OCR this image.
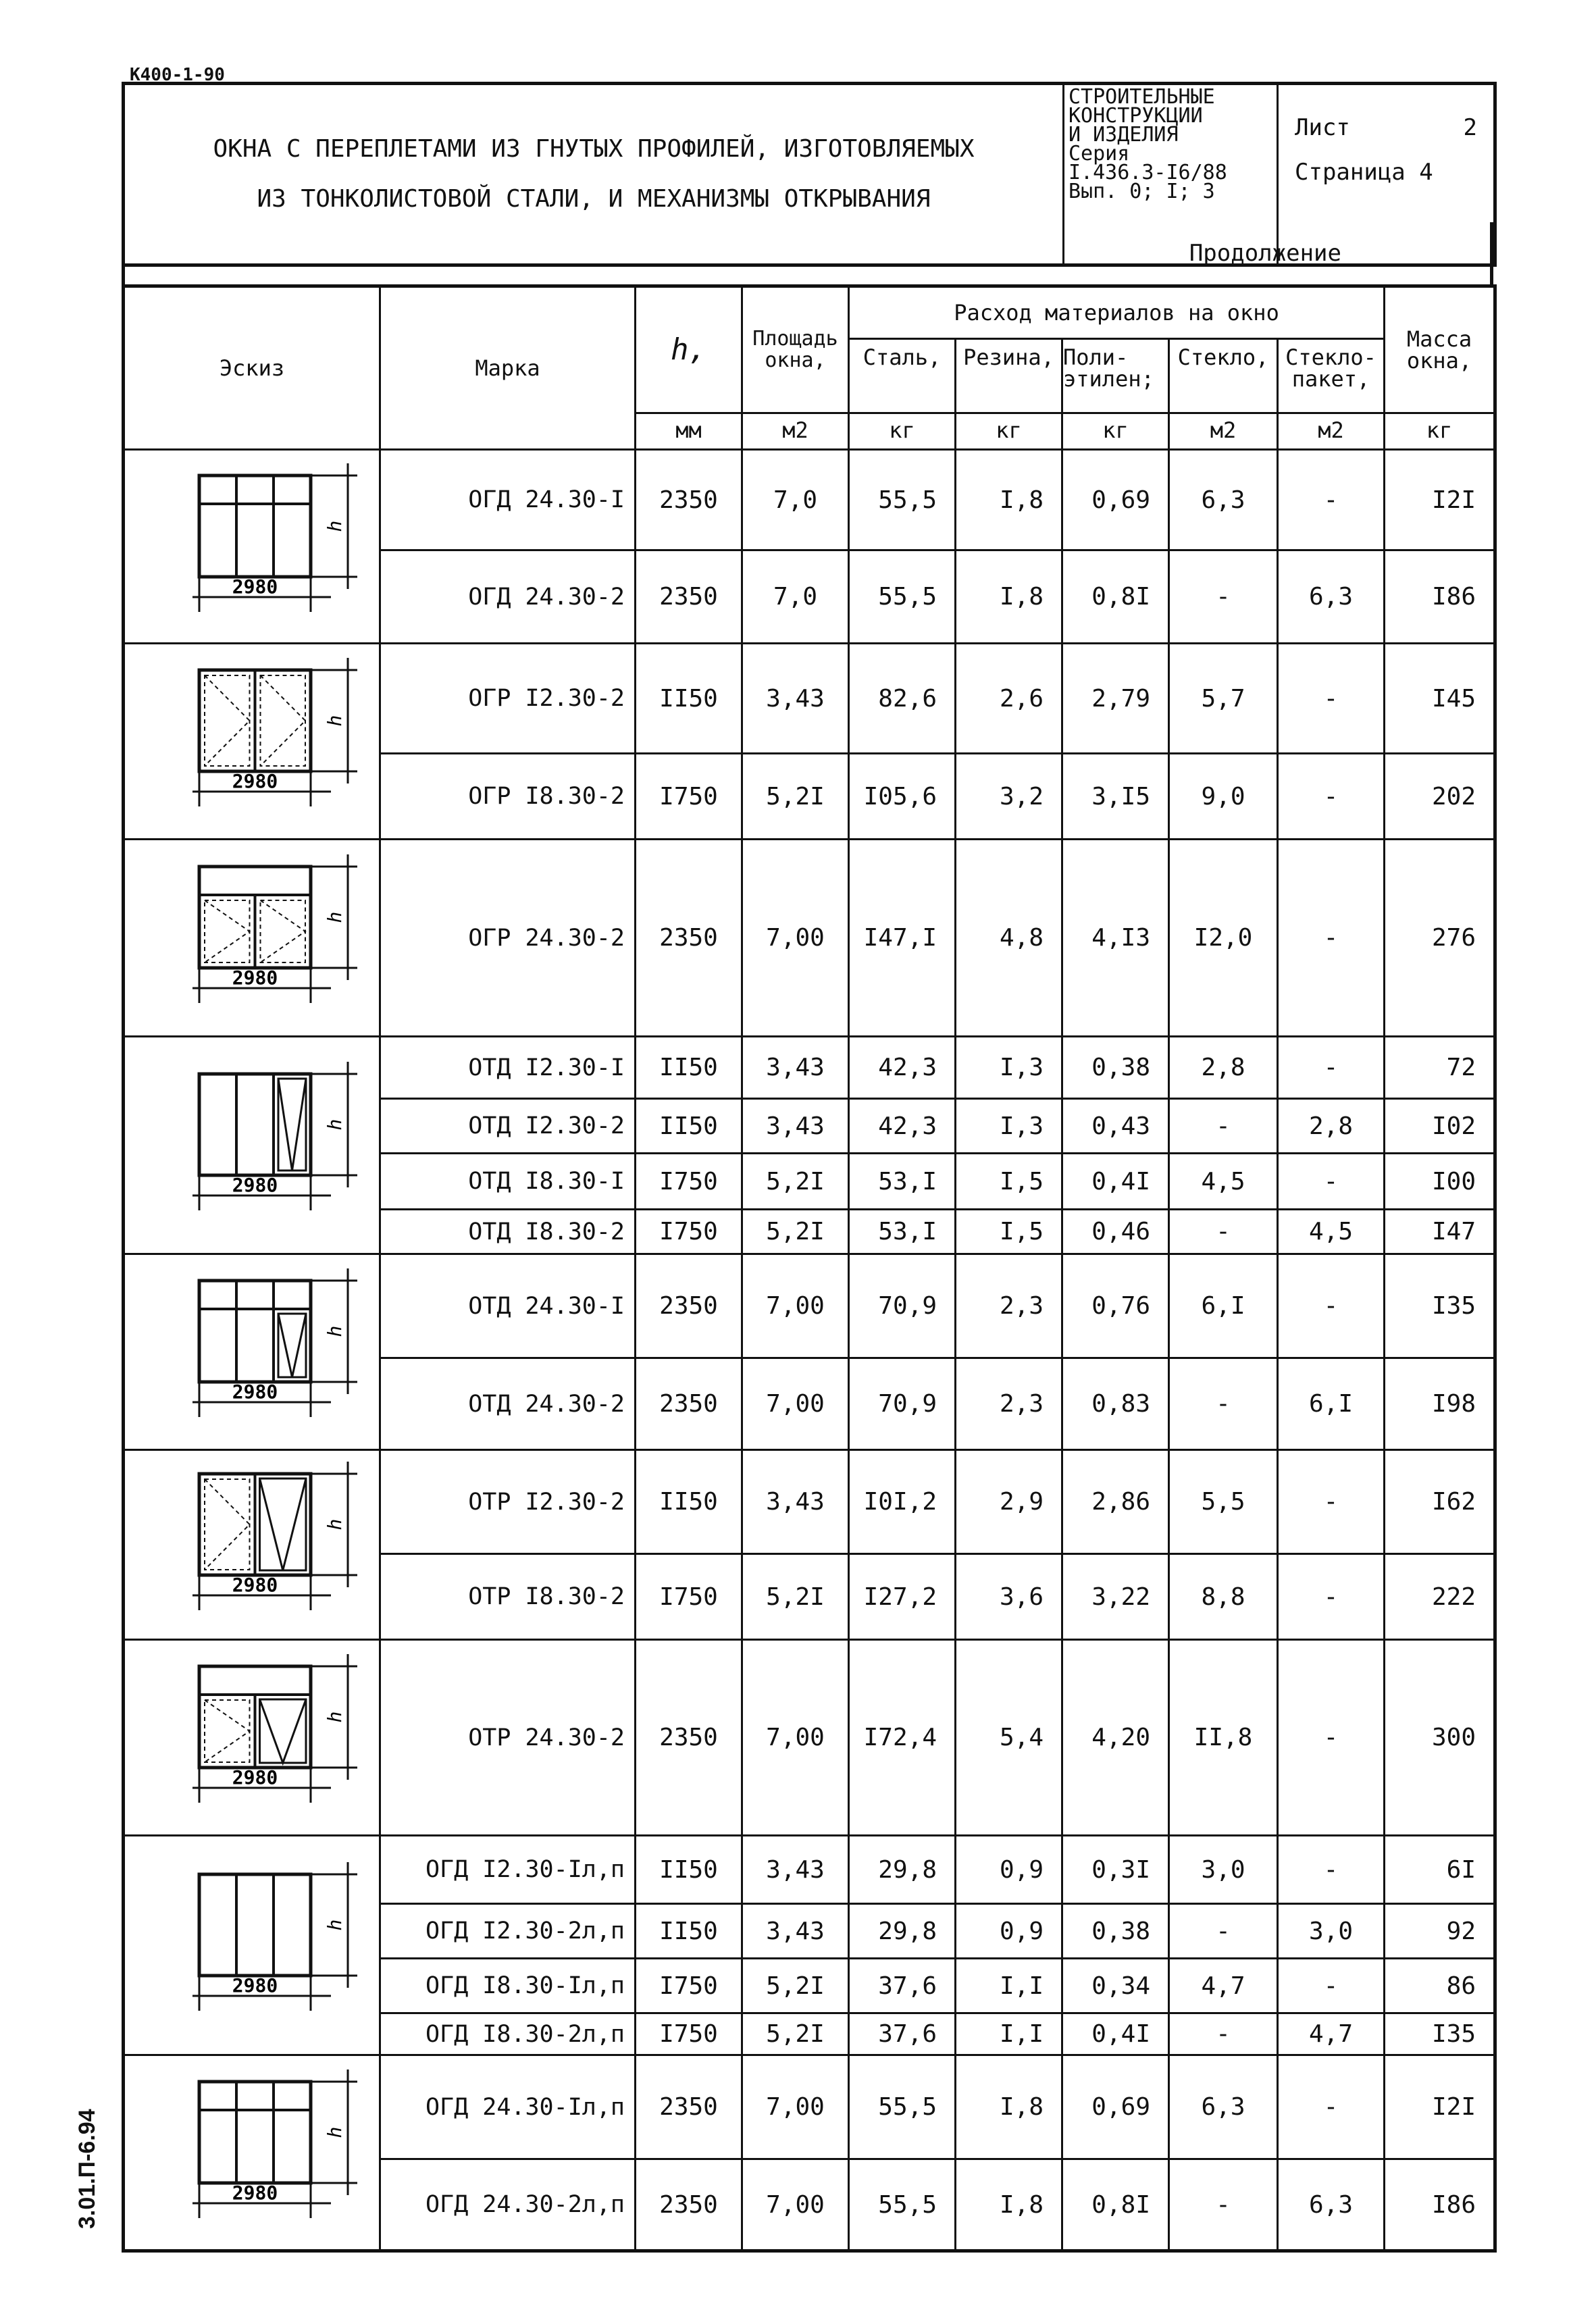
К400-1-90
3.01.П-6.94
ОКНА С ПЕРЕПЛЕТАМИ ИЗ ГНУТЫХ ПРОФИЛЕЙ, ИЗГОТОВЛЯЕМЫХ
ИЗ ТОНКОЛИСТОВОЙ СТАЛИ, И МЕХАНИЗМЫ ОТКРЫВАНИЯ

СТРОИТЕЛЬНЫЕ
КОНСТРУКЦИИ
И ИЗДЕЛИЯ
Серия
I.436.3-I6/88
Вып. 0; I; 3

Лист	2
Страница 4
Продолжение
Эскиз	Марка	h,	Площадь окна,	Расход материалов на окно					Масса окна,
				Сталь,	Резина,	Поли-этилен;	Стекло,	Стекло-пакет,	
		мм	м2	кг	кг	кг	м2	м2	кг

2980
h	ОГД 24.30-I	2350	7,0	55,5	I,8	0,69	6,3	-	I2I
	ОГД 24.30-2	2350	7,0	55,5	I,8	0,8I	-	6,3	I86

2980
h	ОГР I2.30-2	II50	3,43	82,6	2,6	2,79	5,7	-	I45
	ОГР I8.30-2	I750	5,2I	I05,6	3,2	3,I5	9,0	-	202

2980
h	ОГР 24.30-2	2350	7,00	I47,I	4,8	4,I3	I2,0	-	276

2980
h	ОТД I2.30-I	II50	3,43	42,3	I,3	0,38	2,8	-	72
	ОТД I2.30-2	II50	3,43	42,3	I,3	0,43	-	2,8	I02
	ОТД I8.30-I	I750	5,2I	53,I	I,5	0,4I	4,5	-	I00
	ОТД I8.30-2	I750	5,2I	53,I	I,5	0,46	-	4,5	I47

2980
h	ОТД 24.30-I	2350	7,00	70,9	2,3	0,76	6,I	-	I35
	ОТД 24.30-2	2350	7,00	70,9	2,3	0,83	-	6,I	I98

2980
h	ОТР I2.30-2	II50	3,43	I0I,2	2,9	2,86	5,5	-	I62
	ОТР I8.30-2	I750	5,2I	I27,2	3,6	3,22	8,8	-	222

2980
h	ОТР 24.30-2	2350	7,00	I72,4	5,4	4,20	II,8	-	300

2980
h	ОГД I2.30-Iл,п	II50	3,43	29,8	0,9	0,3I	3,0	-	6I
	ОГД I2.30-2л,п	II50	3,43	29,8	0,9	0,38	-	3,0	92
	ОГД I8.30-Iл,п	I750	5,2I	37,6	I,I	0,34	4,7	-	86
	ОГД I8.30-2л,п	I750	5,2I	37,6	I,I	0,4I	-	4,7	I35

2980
h	ОГД 24.30-Iл,п	2350	7,00	55,5	I,8	0,69	6,3	-	I2I
	ОГД 24.30-2л,п	2350	7,00	55,5	I,8	0,8I	-	6,3	I86
